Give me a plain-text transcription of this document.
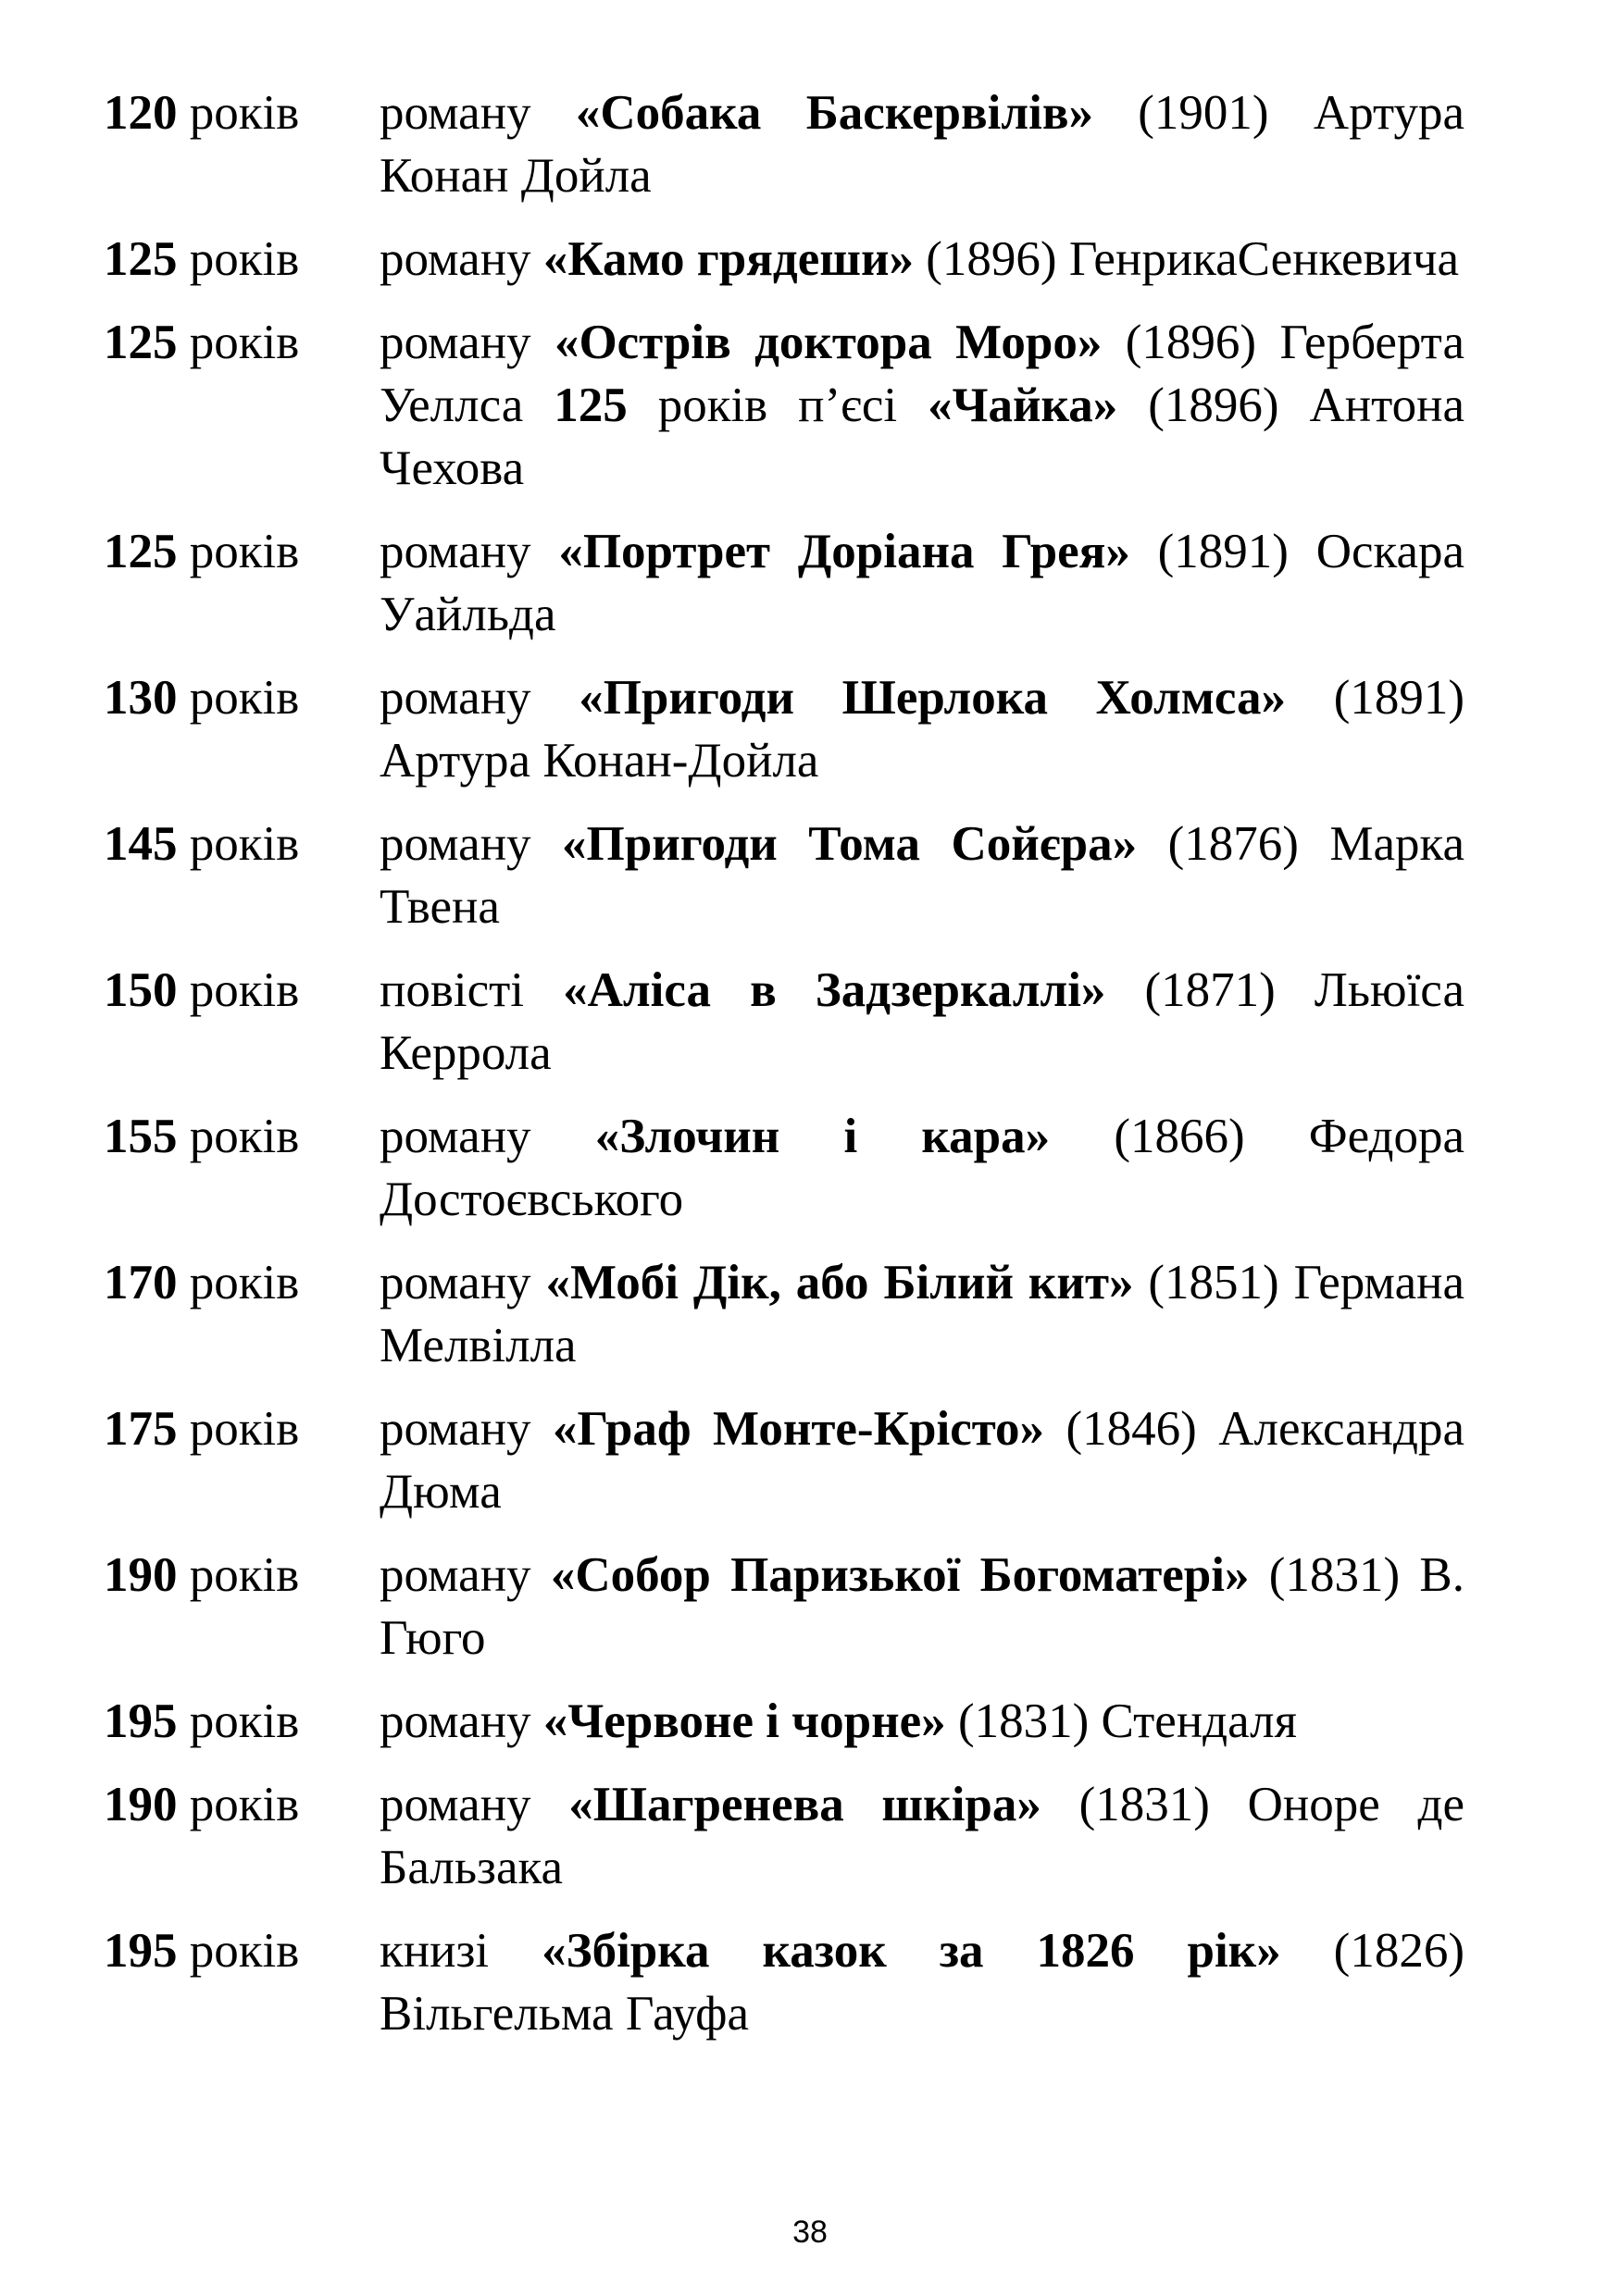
120 років	роману «Собака Баскервілів» (1901) Артура Конан Дойла
125 років	роману «Камо грядеши» (1896) ГенрикаСенкевича
125 років	роману «Острів доктора Моро» (1896) Герберта Уеллса 125 років п’єсі «Чайка» (1896) Антона Чехова
125 років	роману «Портрет Доріана Грея» (1891) Оскара Уайльда
130 років	роману «Пригоди Шерлока Холмса» (1891) Артура Конан-Дойла
145 років	роману «Пригоди Тома Сойєра» (1876) Марка Твена
150 років	повісті «Аліса в Задзеркаллі» (1871) Льюїса Керрола
155 років	роману «Злочин і кара» (1866) Федора Достоєвського
170 років	роману «Мобі Дік, або Білий кит» (1851) Германа Мелвілла
175 років	роману «Граф Монте-Крісто» (1846) Александра Дюма
190 років	роману «Собор Паризької Богоматері» (1831) В. Гюго
195 років	роману «Червоне і чорне» (1831) Стендаля
190 років	роману «Шагренева шкіра» (1831) Оноре де Бальзака
195 років	книзі «Збірка казок за 1826 рік» (1826) Вільгельма Гауфа
38
